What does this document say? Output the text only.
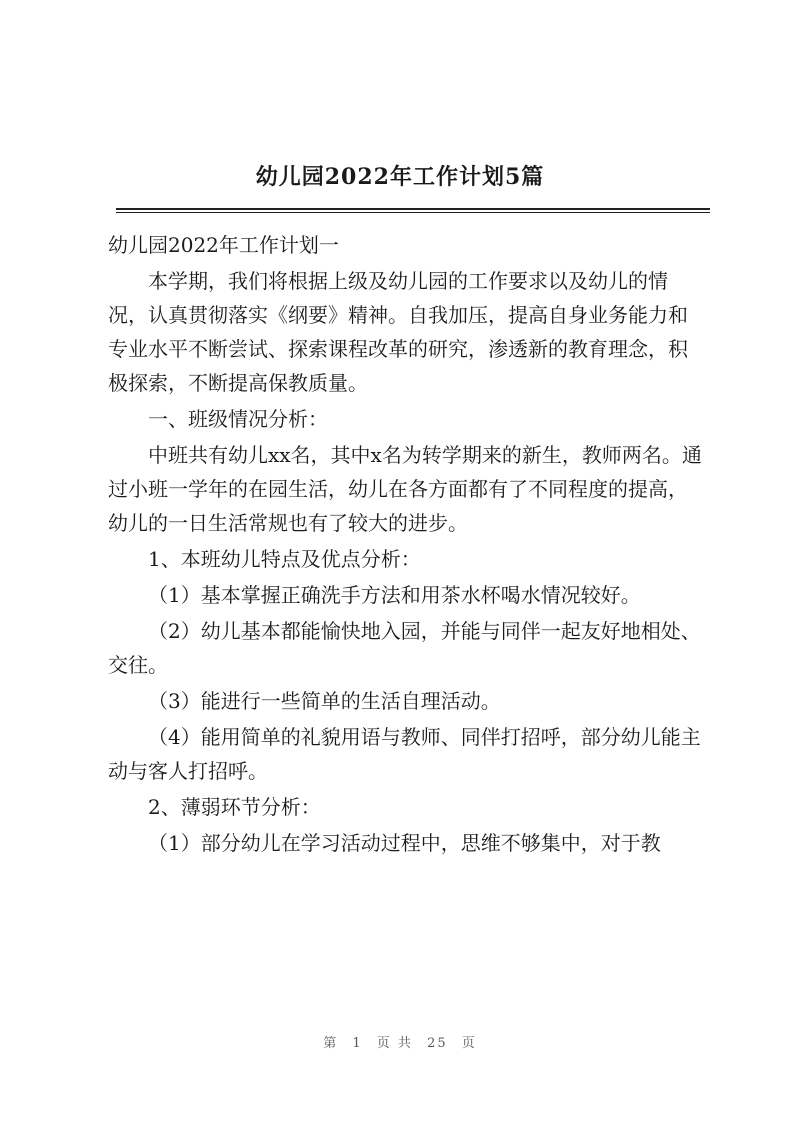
幼儿园2022年工作计划5篇

幼儿园2022年工作计划一

本学期，我们将根据上级及幼儿园的工作要求以及幼儿的情况，认真贯彻落实《纲要》精神。自我加压，提高自身业务能力和专业水平不断尝试、探索课程改革的研究，渗透新的教育理念，积极探索，不断提高保教质量。

一、班级情况分析：

中班共有幼儿xx名，其中x名为转学期来的新生，教师两名。通过小班一学年的在园生活，幼儿在各方面都有了不同程度的提高，幼儿的一日生活常规也有了较大的进步。

1、本班幼儿特点及优点分析：

（1）基本掌握正确洗手方法和用茶水杯喝水情况较好。

（2）幼儿基本都能愉快地入园，并能与同伴一起友好地相处、交往。

（3）能进行一些简单的生活自理活动。

（4）能用简单的礼貌用语与教师、同伴打招呼，部分幼儿能主动与客人打招呼。

2、薄弱环节分析：

（1）部分幼儿在学习活动过程中，思维不够集中，对于教

第 1 页 共 25 页
